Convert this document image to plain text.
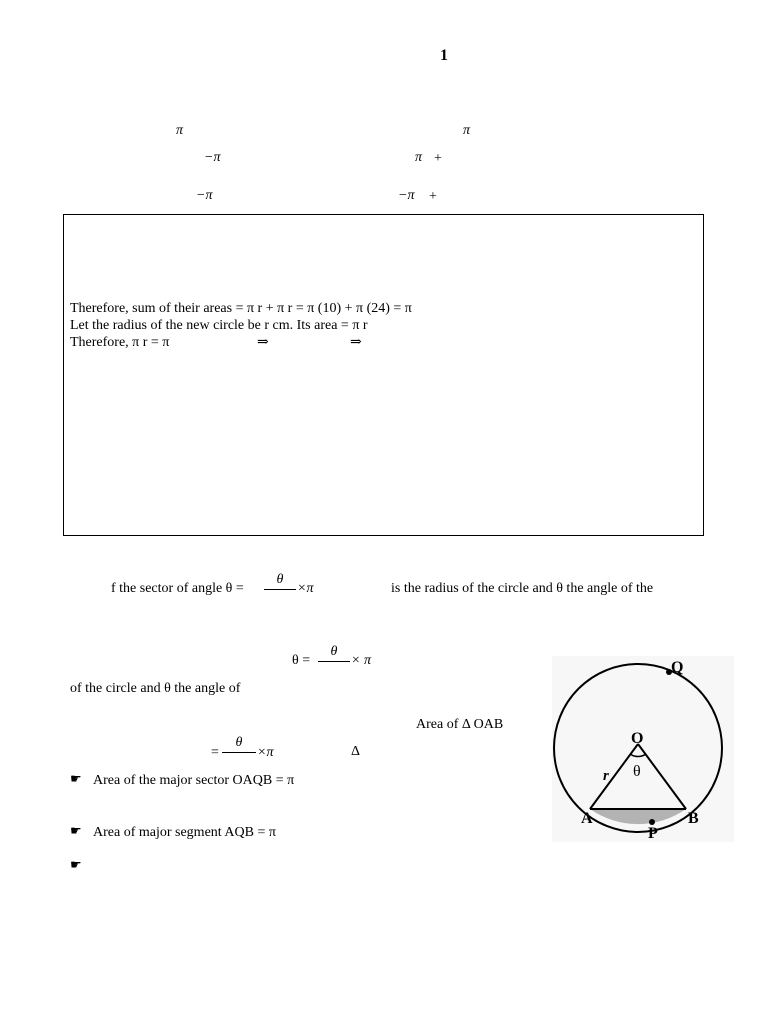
1
π	π
−π	π +
−π	−π +
Therefore, sum of their areas = π r + π r = π (10) + π (24) = π
Let the radius of the new circle be r cm. Its area = π r
Therefore, π r = π	⇒	⇒
f the sector of angle θ =
θ
×π	is the radius of the circle and θ the angle of the
θ =
θ
× π
of the circle and θ the angle of
Area of Δ OAB
=
θ
×π	Δ
☛ Area of the major sector OAQB = π
☛ Area of major segment AQB = π
☛
Q
O
θ
r
A
P
B
